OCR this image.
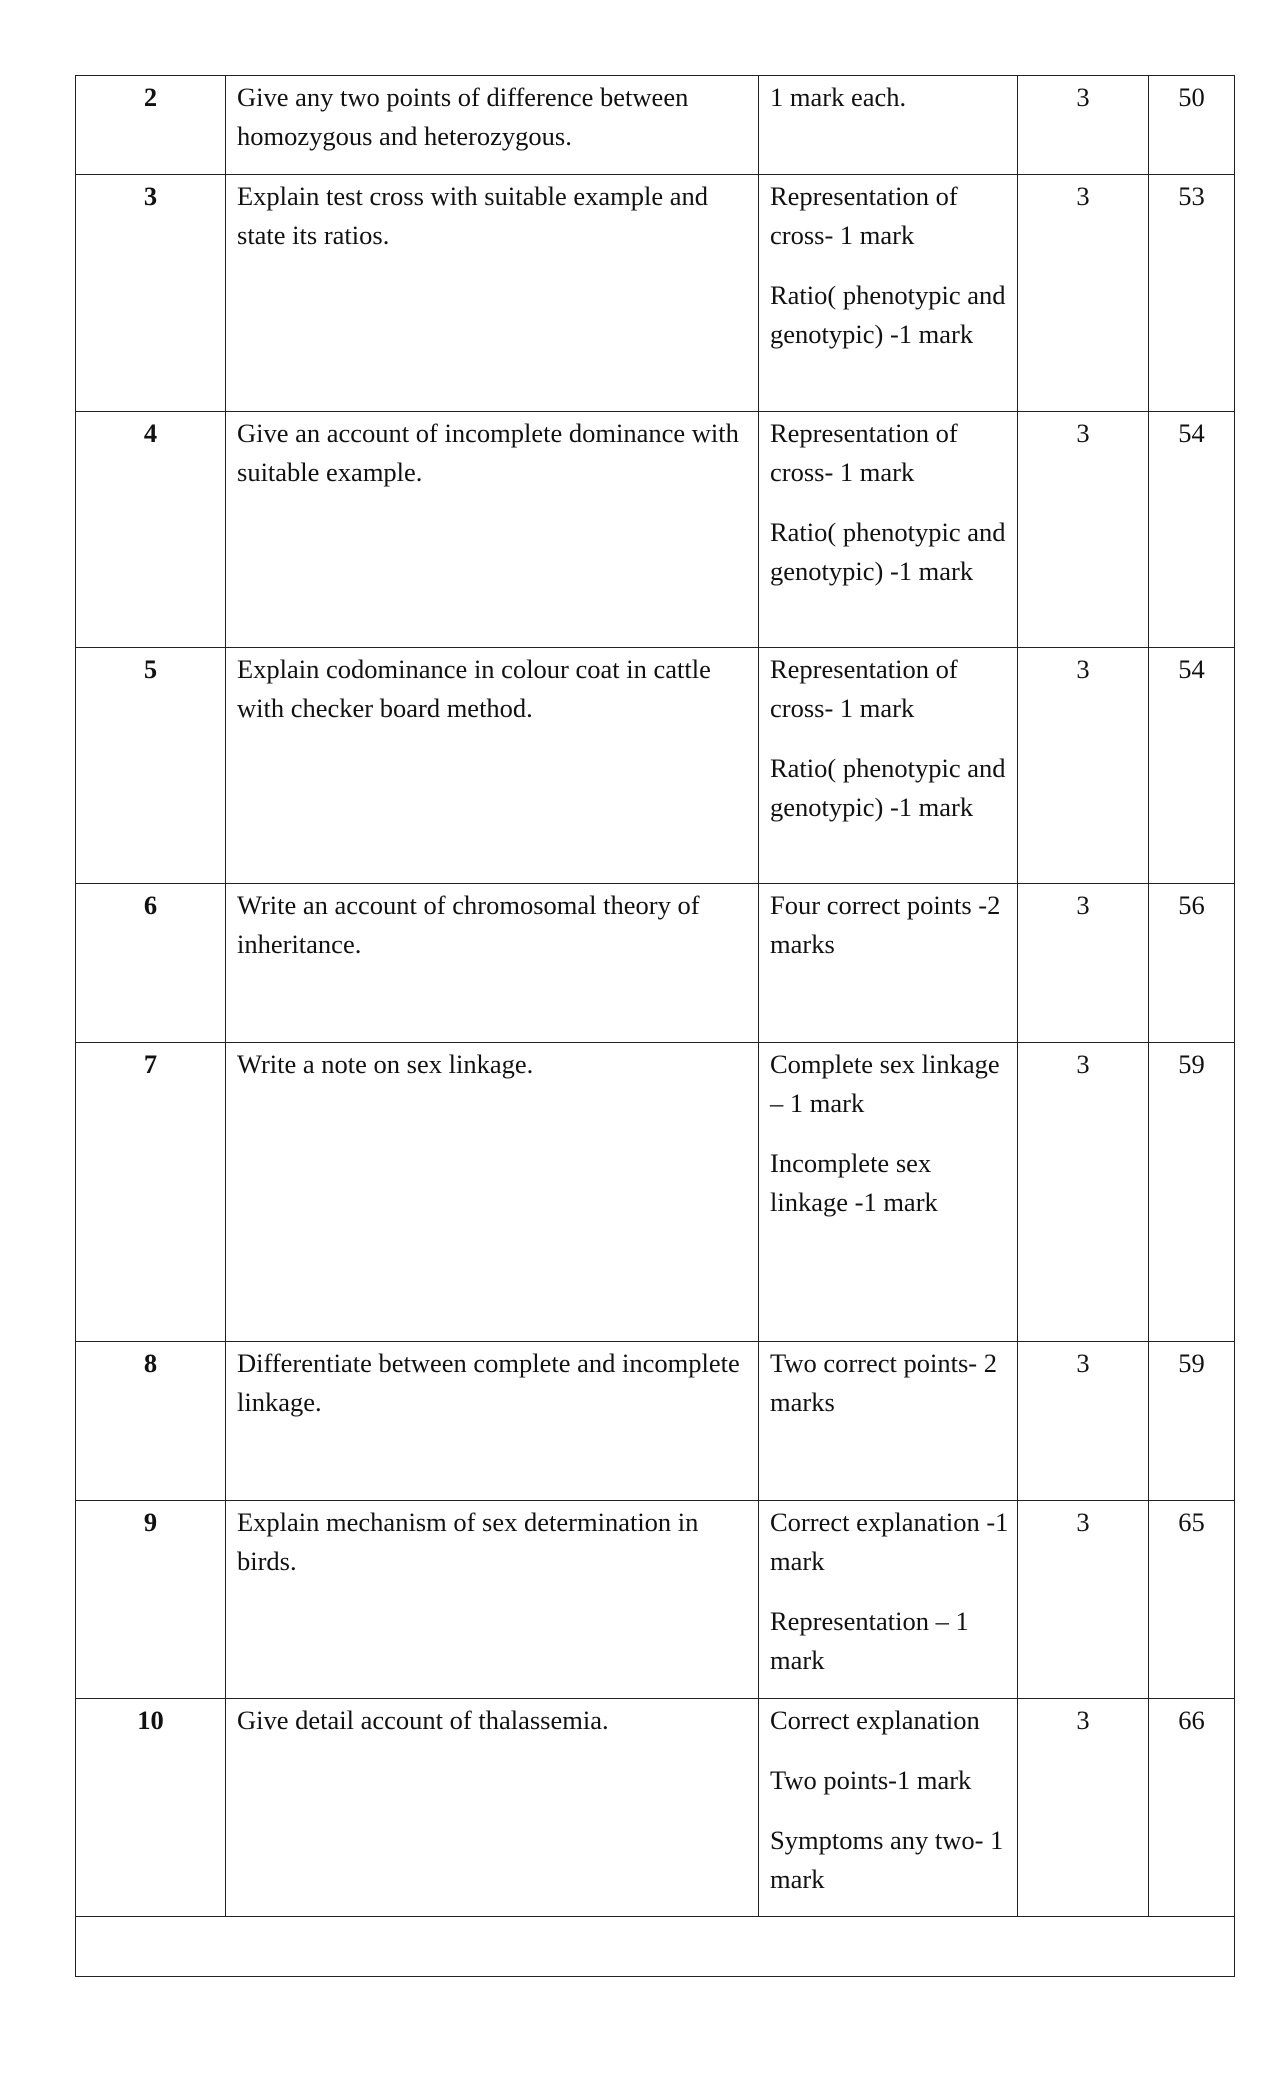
2	Give any two points of difference between homozygous and heterozygous.	1 mark each.	3	50
3	Explain test cross with suitable example and state its ratios.	Representation of cross- 1 mark
Ratio( phenotypic and genotypic) -1 mark	3	53
4	Give an account of incomplete dominance with suitable example.	Representation of cross- 1 mark
Ratio( phenotypic and genotypic) -1 mark	3	54
5	Explain codominance in colour coat in cattle with checker board method.	Representation of cross- 1 mark
Ratio( phenotypic and genotypic) -1 mark	3	54
6	Write an account of chromosomal theory of inheritance.	Four correct points -2 marks	3	56
7	Write a note on sex linkage.	Complete sex linkage – 1 mark
Incomplete sex linkage -1 mark	3	59
8	Differentiate between complete and incomplete linkage.	Two correct points- 2 marks	3	59
9	Explain mechanism of sex determination in birds.	Correct explanation -1 mark
Representation – 1 mark	3	65
10	Give detail account of thalassemia.	Correct explanation
Two points-1 mark
Symptoms any two- 1 mark	3	66
